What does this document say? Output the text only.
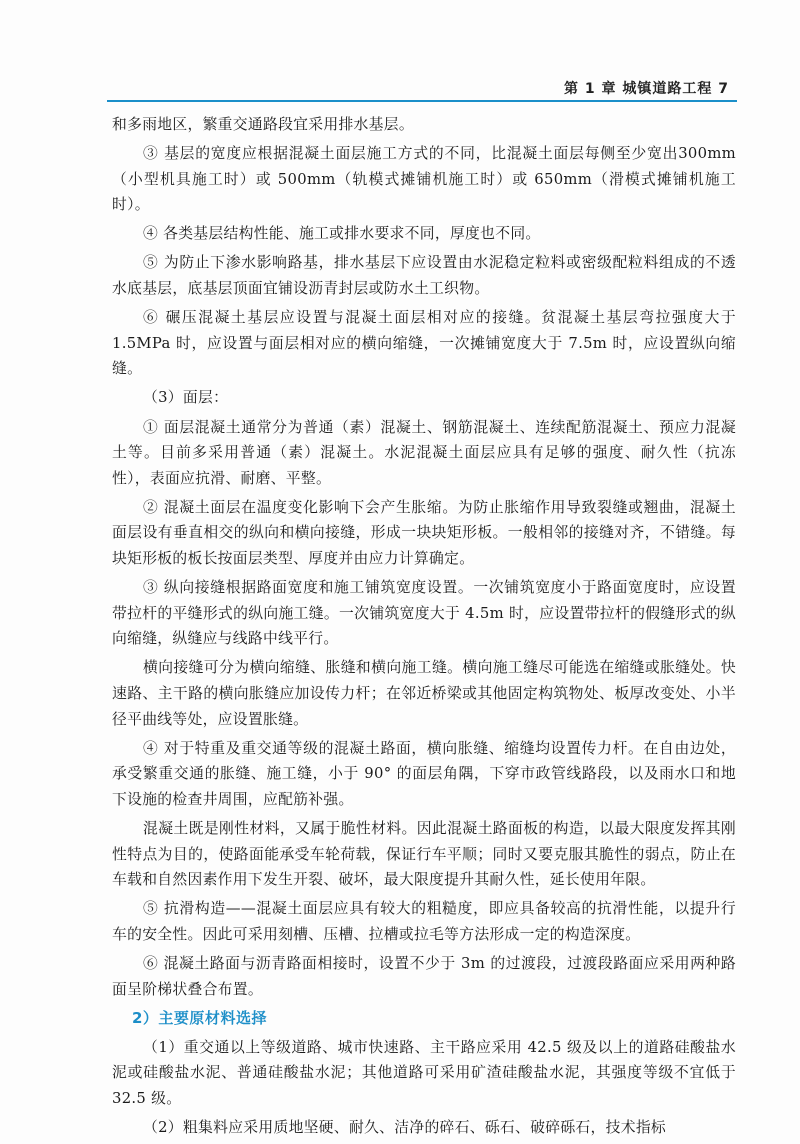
第 1 章 城镇道路工程 7

和多雨地区，繁重交通路段宜采用排水基层。

③ 基层的宽度应根据混凝土面层施工方式的不同，比混凝土面层每侧至少宽出300mm（小型机具施工时）或 500mm（轨模式摊铺机施工时）或 650mm（滑模式摊铺机施工时）。

④ 各类基层结构性能、施工或排水要求不同，厚度也不同。

⑤ 为防止下渗水影响路基，排水基层下应设置由水泥稳定粒料或密级配粒料组成的不透水底基层，底基层顶面宜铺设沥青封层或防水土工织物。

⑥ 碾压混凝土基层应设置与混凝土面层相对应的接缝。贫混凝土基层弯拉强度大于 1.5MPa 时，应设置与面层相对应的横向缩缝，一次摊铺宽度大于 7.5m 时，应设置纵向缩缝。

（3）面层：

① 面层混凝土通常分为普通（素）混凝土、钢筋混凝土、连续配筋混凝土、预应力混凝土等。目前多采用普通（素）混凝土。水泥混凝土面层应具有足够的强度、耐久性（抗冻性），表面应抗滑、耐磨、平整。

② 混凝土面层在温度变化影响下会产生胀缩。为防止胀缩作用导致裂缝或翘曲，混凝土面层设有垂直相交的纵向和横向接缝，形成一块块矩形板。一般相邻的接缝对齐，不错缝。每块矩形板的板长按面层类型、厚度并由应力计算确定。

③ 纵向接缝根据路面宽度和施工铺筑宽度设置。一次铺筑宽度小于路面宽度时，应设置带拉杆的平缝形式的纵向施工缝。一次铺筑宽度大于 4.5m 时，应设置带拉杆的假缝形式的纵向缩缝，纵缝应与线路中线平行。

横向接缝可分为横向缩缝、胀缝和横向施工缝。横向施工缝尽可能选在缩缝或胀缝处。快速路、主干路的横向胀缝应加设传力杆；在邻近桥梁或其他固定构筑物处、板厚改变处、小半径平曲线等处，应设置胀缝。

④ 对于特重及重交通等级的混凝土路面，横向胀缝、缩缝均设置传力杆。在自由边处，承受繁重交通的胀缝、施工缝，小于 90° 的面层角隅，下穿市政管线路段，以及雨水口和地下设施的检查井周围，应配筋补强。

混凝土既是刚性材料，又属于脆性材料。因此混凝土路面板的构造，以最大限度发挥其刚性特点为目的，使路面能承受车轮荷载，保证行车平顺；同时又要克服其脆性的弱点，防止在车载和自然因素作用下发生开裂、破坏，最大限度提升其耐久性，延长使用年限。

⑤ 抗滑构造——混凝土面层应具有较大的粗糙度，即应具备较高的抗滑性能，以提升行车的安全性。因此可采用刻槽、压槽、拉槽或拉毛等方法形成一定的构造深度。

⑥ 混凝土路面与沥青路面相接时，设置不少于 3m 的过渡段，过渡段路面应采用两种路面呈阶梯状叠合布置。

2）主要原材料选择

（1）重交通以上等级道路、城市快速路、主干路应采用 42.5 级及以上的道路硅酸盐水泥或硅酸盐水泥、普通硅酸盐水泥；其他道路可采用矿渣硅酸盐水泥，其强度等级不宜低于 32.5 级。

（2）粗集料应采用质地坚硬、耐久、洁净的碎石、砾石、破碎砾石，技术指标
